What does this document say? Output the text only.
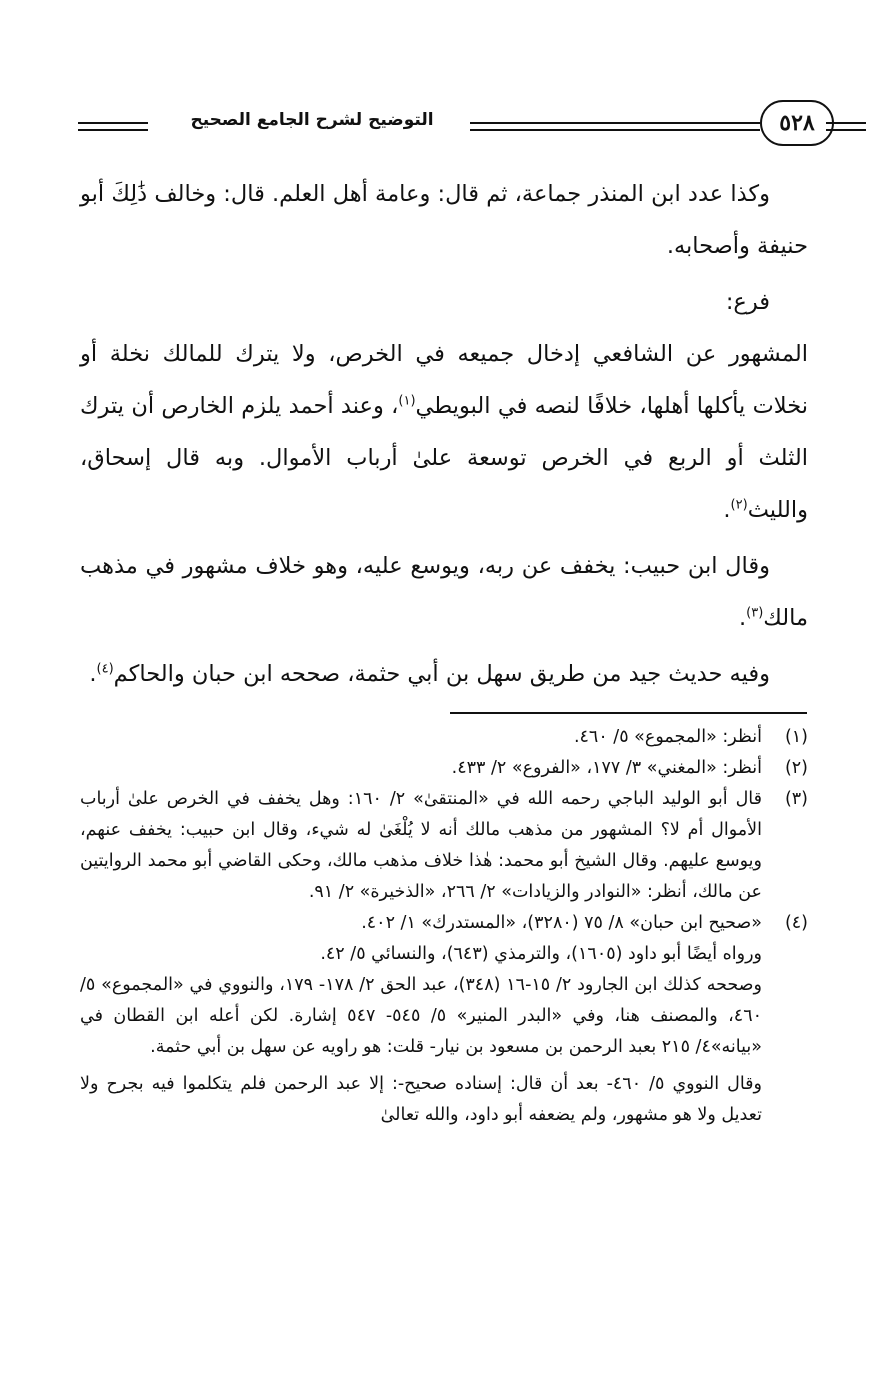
التوضيح لشرح الجامع الصحيح	٥٢٨

وكذا عدد ابن المنذر جماعة، ثم قال: وعامة أهل العلم. قال: وخالف ذَٰلِكَ أبو حنيفة وأصحابه.

فرع:

المشهور عن الشافعي إدخال جميعه في الخرص، ولا يترك للمالك نخلة أو نخلات يأكلها أهلها، خلافًا لنصه في البويطي$^{(١)}$، وعند أحمد يلزم الخارص أن يترك الثلث أو الربع في الخرص توسعة علىٰ أرباب الأموال. وبه قال إسحاق، والليث$^{(٢)}$.

وقال ابن حبيب: يخفف عن ربه، ويوسع عليه، وهو خلاف مشهور في مذهب مالك$^{(٣)}$.

وفيه حديث جيد من طريق سهل بن أبي حثمة، صححه ابن حبان والحاكم$^{(٤)}$.

(١)

أنظر: «المجموع» ٥/ ٤٦٠.

(٢)

أنظر: «المغني» ٣/ ١٧٧، «الفروع» ٢/ ٤٣٣.

(٣)

قال أبو الوليد الباجي رحمه الله في «المنتقىٰ» ٢/ ١٦٠: وهل يخفف في الخرص علىٰ أرباب الأموال أم لا؟ المشهور من مذهب مالك أنه لا يُلْغَىٰ له شيء، وقال ابن حبيب: يخفف عنهم، ويوسع عليهم. وقال الشيخ أبو محمد: هٰذا خلاف مذهب مالك، وحكى القاضي أبو محمد الروايتين عن مالك، أنظر: «النوادر والزيادات» ٢/ ٢٦٦، «الذخيرة» ٢/ ٩١.

(٤)

«صحيح ابن حبان» ٨/ ٧٥ (٣٢٨٠)، «المستدرك» ١/ ٤٠٢.

ورواه أيضًا أبو داود (١٦٠٥)، والترمذي (٦٤٣)، والنسائي ٥/ ٤٢.

وصححه كذلك ابن الجارود ٢/ ١٥-١٦ (٣٤٨)، عبد الحق ٢/ ١٧٨- ١٧٩، والنووي في «المجموع» ٥/ ٤٦٠، والمصنف هنا، وفي «البدر المنير» ٥/ ٥٤٥- ٥٤٧ إشارة. لكن أعله ابن القطان في «بيانه»٤/ ٢١٥ بعبد الرحمن بن مسعود بن نيار- قلت: هو راويه عن سهل بن أبي حثمة.

وقال النووي ٥/ ٤٦٠- بعد أن قال: إسناده صحيح-: إلا عبد الرحمن فلم يتكلموا فيه بجرح ولا تعديل ولا هو مشهور، ولم يضعفه أبو داود، والله تعالىٰ
